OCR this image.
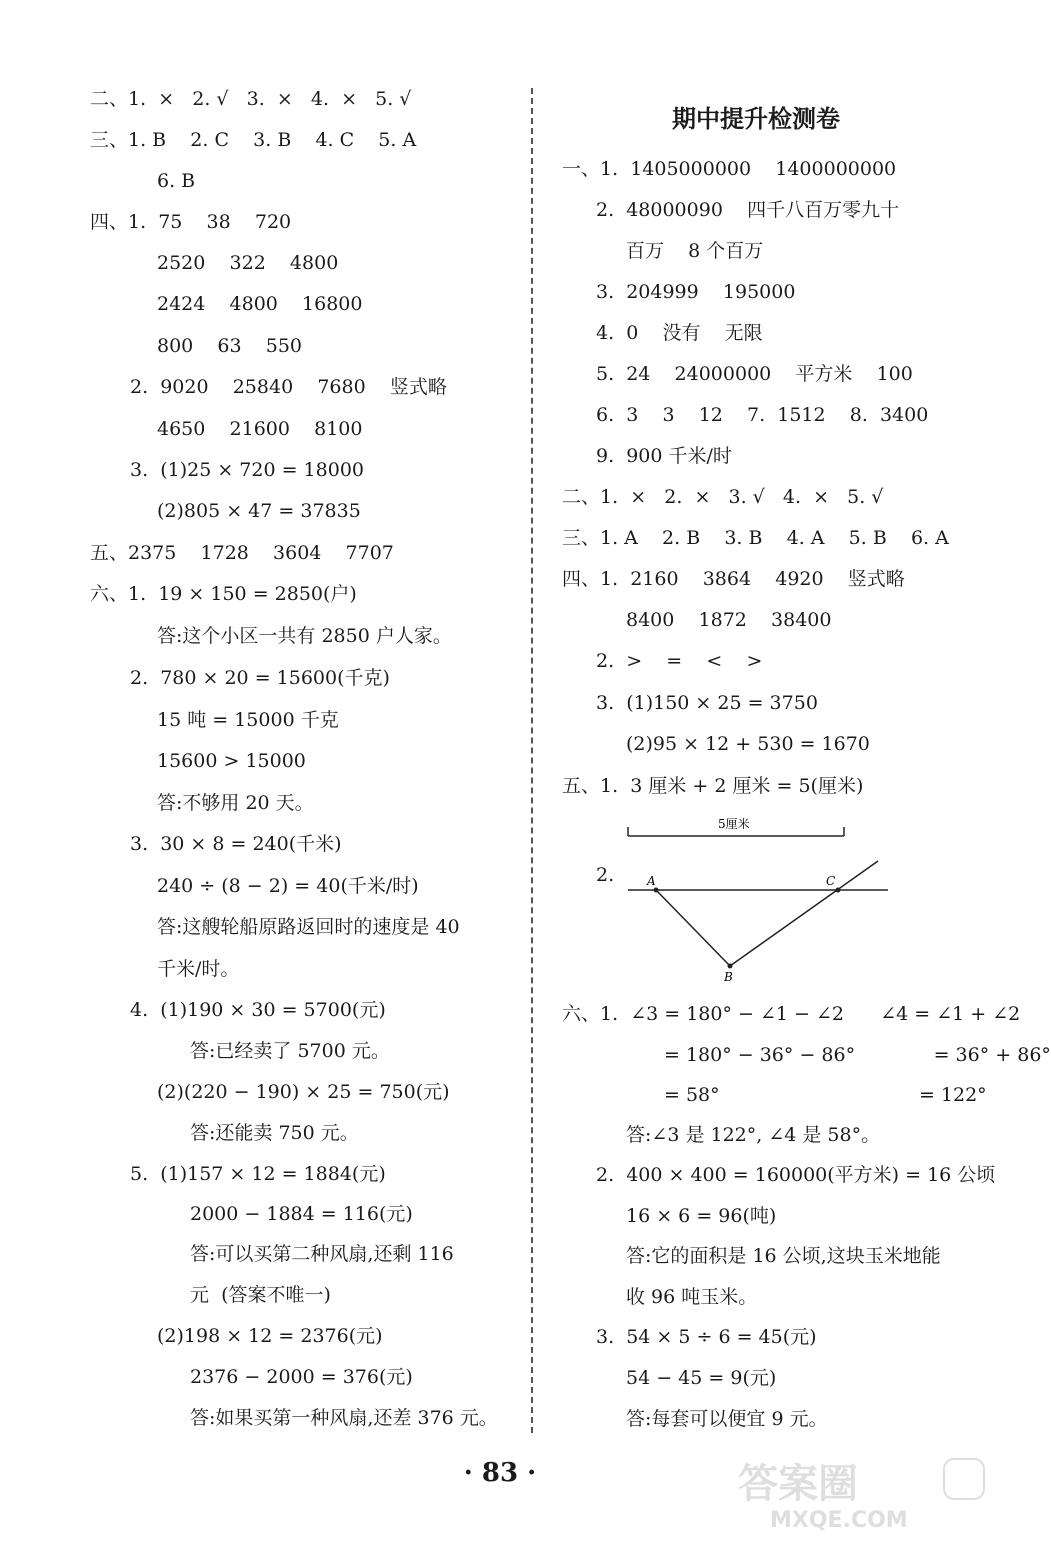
二、1.  ×   2. √   3.  ×   4.  ×   5. √
三、1. B    2. C    3. B    4. C    5. A
6. B
四、1.  75    38    720
2520    322    4800
2424    4800    16800
800    63    550
2.  9020    25840    7680    竖式略
4650    21600    8100
3.  (1)25 × 720 = 18000
(2)805 × 47 = 37835
五、2375    1728    3604    7707
六、1.  19 × 150 = 2850(户)
答:这个小区一共有 2850 户人家。
2.  780 × 20 = 15600(千克)
15 吨 = 15000 千克
15600 > 15000
答:不够用 20 天。
3.  30 × 8 = 240(千米)
240 ÷ (8 − 2) = 40(千米/时)
答:这艘轮船原路返回时的速度是 40
千米/时。
4.  (1)190 × 30 = 5700(元)
答:已经卖了 5700 元。
(2)(220 − 190) × 25 = 750(元)
答:还能卖 750 元。
5.  (1)157 × 12 = 1884(元)
2000 − 1884 = 116(元)
答:可以买第二种风扇,还剩 116
元  (答案不唯一)
(2)198 × 12 = 2376(元)
2376 − 2000 = 376(元)
答:如果买第一种风扇,还差 376 元。
期中提升检测卷
一、1.  1405000000    1400000000
2.  48000090    四千八百万零九十
百万    8 个百万
3.  204999    195000
4.  0    没有    无限
5.  24    24000000    平方米    100
6.  3    3    12    7.  1512    8.  3400
9.  900 千米/时
二、1.  ×   2.  ×   3. √   4.  ×   5. √
三、1. A    2. B    3. B    4. A    5. B    6. A
四、1.  2160    3864    4920    竖式略
8400    1872    38400
2.  >    =    <    >
3.  (1)150 × 25 = 3750
(2)95 × 12 + 530 = 1670
五、1.  3 厘米 + 2 厘米 = 5(厘米)
5厘米
2.	A	C
B
六、1.  ∠3 = 180° − ∠1 − ∠2      ∠4 = ∠1 + ∠2
= 180° − 36° − 86°             = 36° + 86°
= 58°                                 = 122°
答:∠3 是 122°, ∠4 是 58°。
2.  400 × 400 = 160000(平方米) = 16 公顷
16 × 6 = 96(吨)
答:它的面积是 16 公顷,这块玉米地能
收 96 吨玉米。
3.  54 × 5 ÷ 6 = 45(元)
54 − 45 = 9(元)
答:每套可以便宜 9 元。
· 83 ·	答案圈
MXQE.COM
